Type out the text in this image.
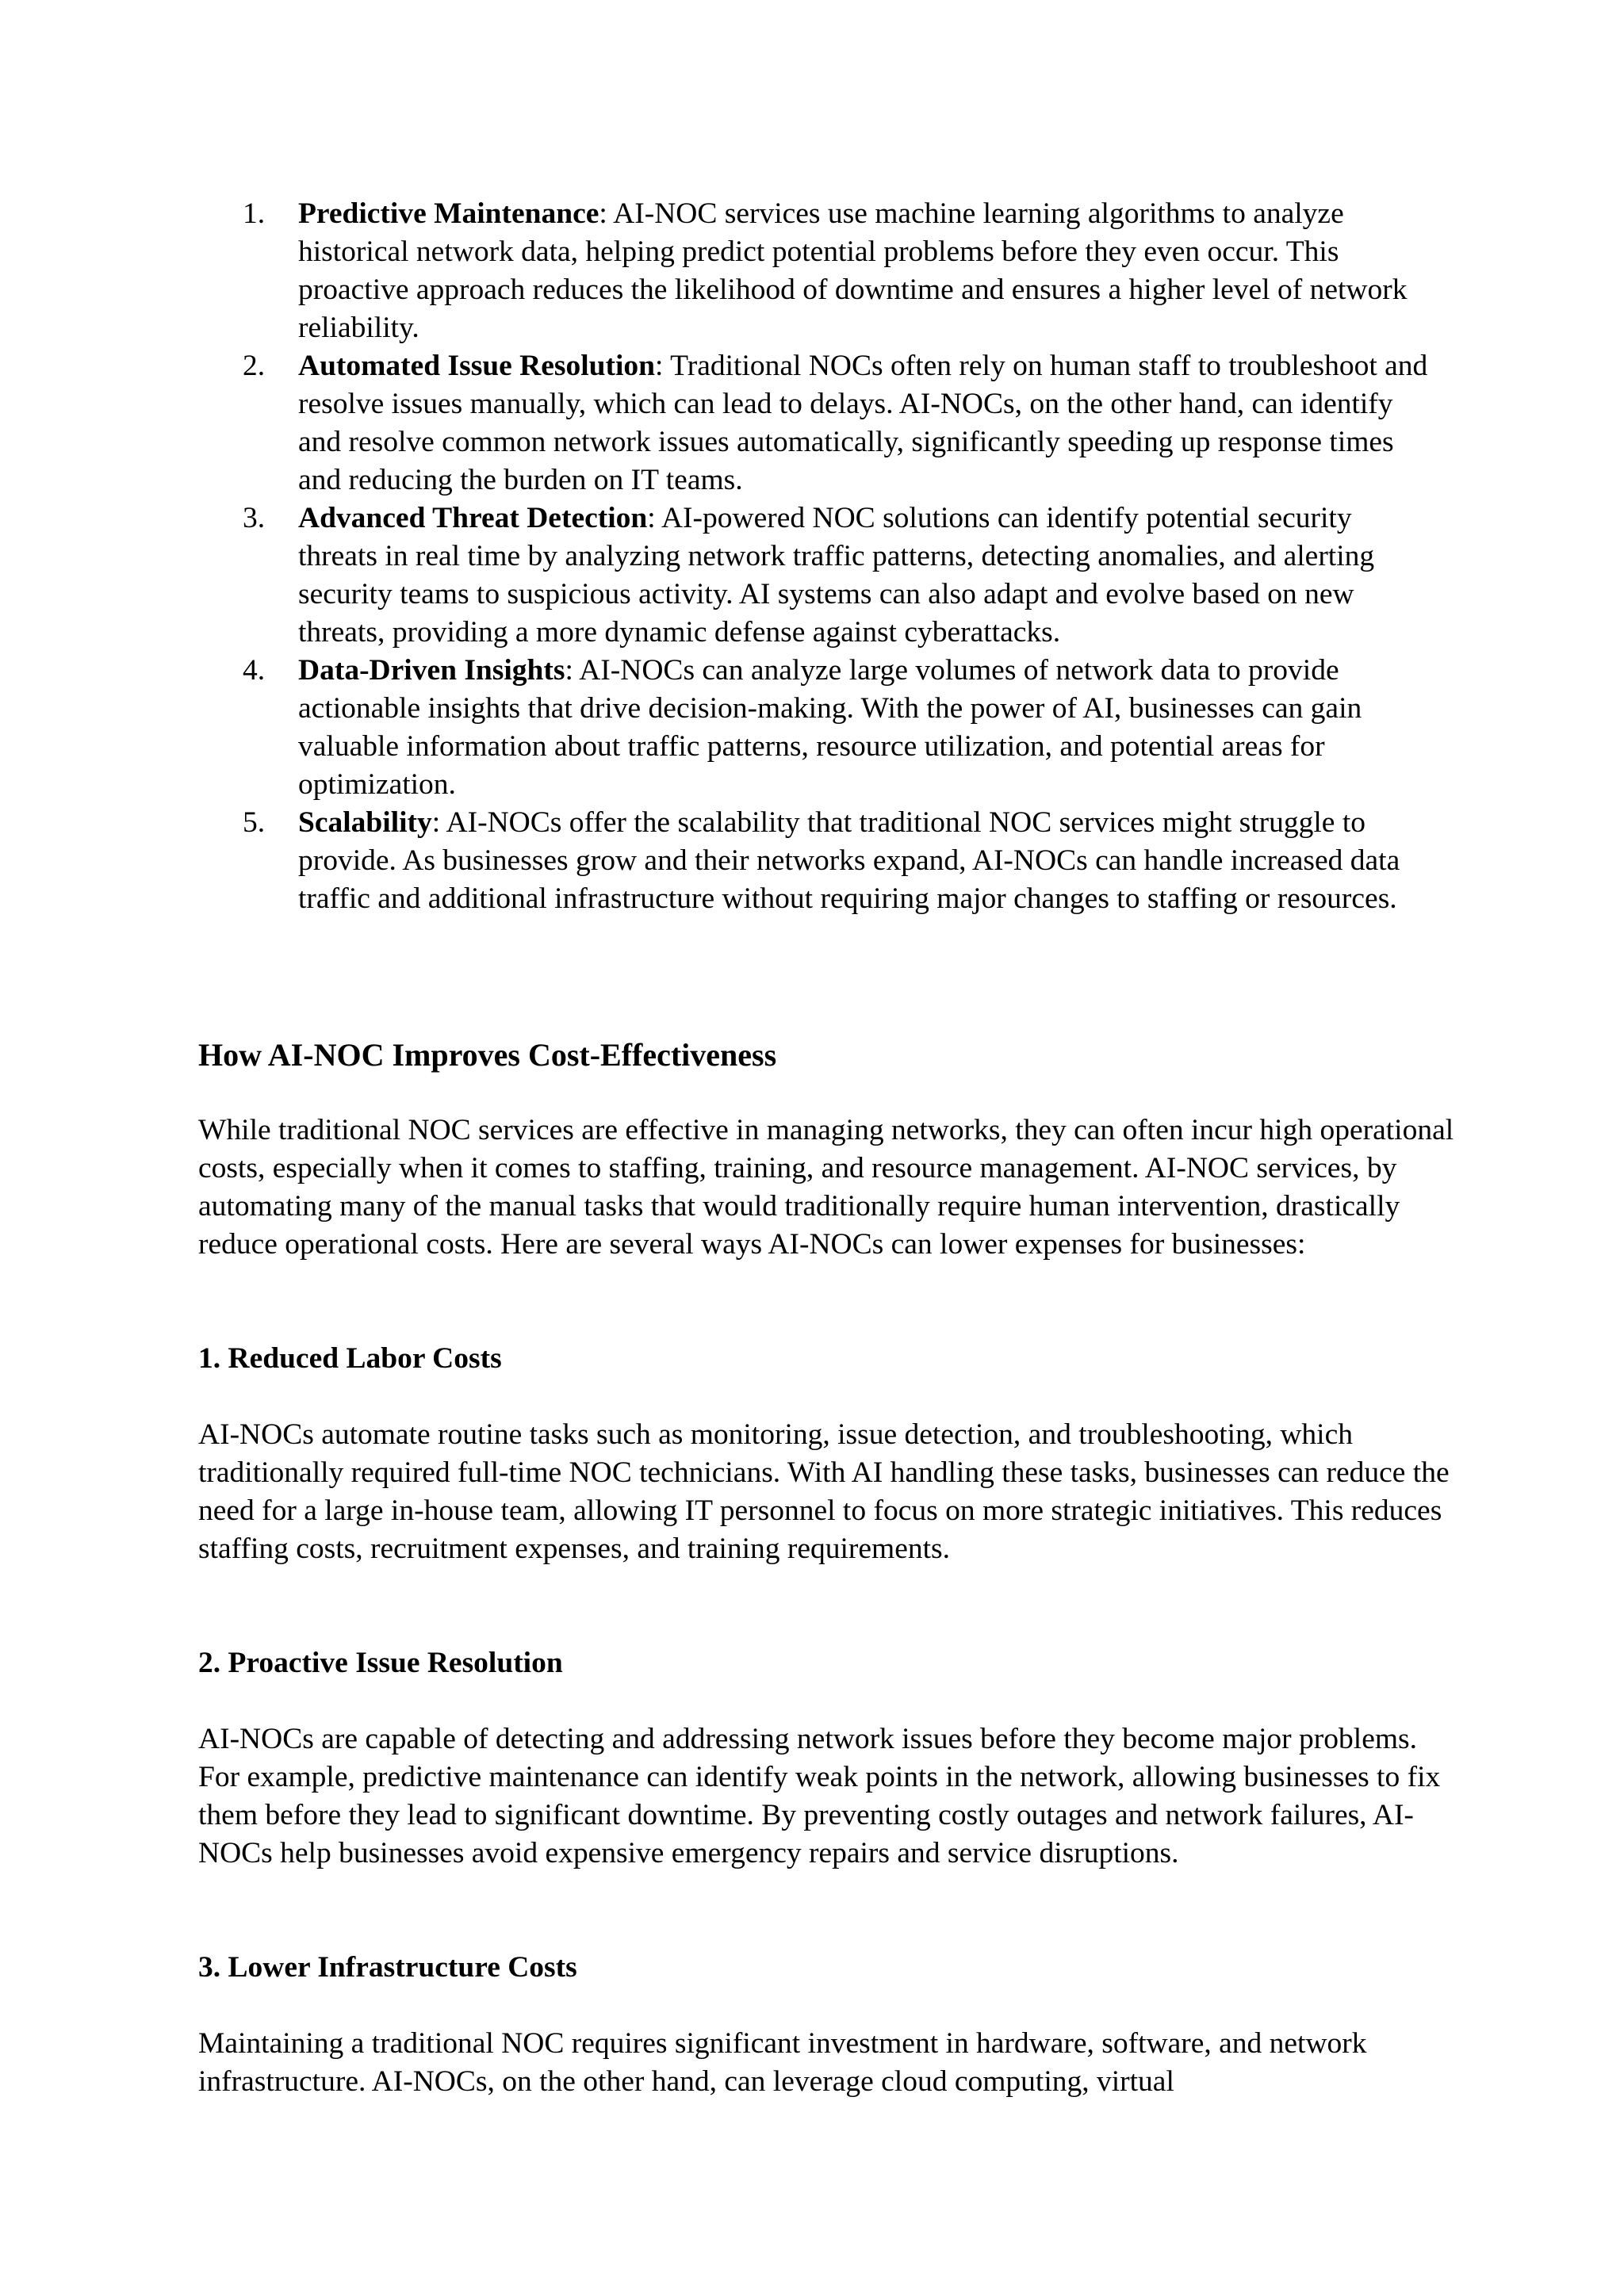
1. Predictive Maintenance: AI-NOC services use machine learning algorithms to analyze historical network data, helping predict potential problems before they even occur. This proactive approach reduces the likelihood of downtime and ensures a higher level of network reliability.
2. Automated Issue Resolution: Traditional NOCs often rely on human staff to troubleshoot and resolve issues manually, which can lead to delays. AI-NOCs, on the other hand, can identify and resolve common network issues automatically, significantly speeding up response times and reducing the burden on IT teams.
3. Advanced Threat Detection: AI-powered NOC solutions can identify potential security threats in real time by analyzing network traffic patterns, detecting anomalies, and alerting security teams to suspicious activity. AI systems can also adapt and evolve based on new threats, providing a more dynamic defense against cyberattacks.
4. Data-Driven Insights: AI-NOCs can analyze large volumes of network data to provide actionable insights that drive decision-making. With the power of AI, businesses can gain valuable information about traffic patterns, resource utilization, and potential areas for optimization.
5. Scalability: AI-NOCs offer the scalability that traditional NOC services might struggle to provide. As businesses grow and their networks expand, AI-NOCs can handle increased data traffic and additional infrastructure without requiring major changes to staffing or resources.
How AI-NOC Improves Cost-Effectiveness

While traditional NOC services are effective in managing networks, they can often incur high operational costs, especially when it comes to staffing, training, and resource management. AI-NOC services, by automating many of the manual tasks that would traditionally require human intervention, drastically reduce operational costs. Here are several ways AI-NOCs can lower expenses for businesses:

1. Reduced Labor Costs

AI-NOCs automate routine tasks such as monitoring, issue detection, and troubleshooting, which traditionally required full-time NOC technicians. With AI handling these tasks, businesses can reduce the need for a large in-house team, allowing IT personnel to focus on more strategic initiatives. This reduces staffing costs, recruitment expenses, and training requirements.

2. Proactive Issue Resolution

AI-NOCs are capable of detecting and addressing network issues before they become major problems. For example, predictive maintenance can identify weak points in the network, allowing businesses to fix them before they lead to significant downtime. By preventing costly outages and network failures, AI-NOCs help businesses avoid expensive emergency repairs and service disruptions.

3. Lower Infrastructure Costs

Maintaining a traditional NOC requires significant investment in hardware, software, and network infrastructure. AI-NOCs, on the other hand, can leverage cloud computing, virtual
